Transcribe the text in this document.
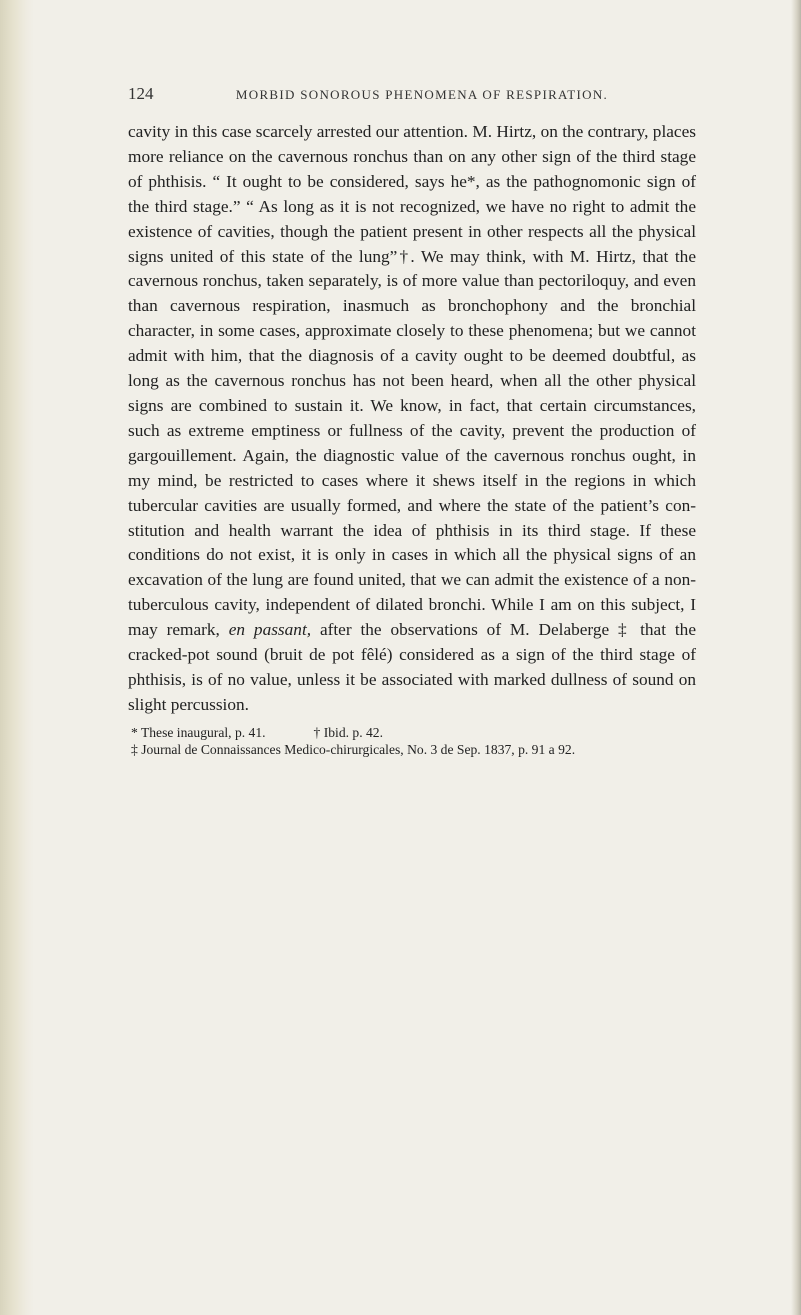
124	MORBID SONOROUS PHENOMENA OF RESPIRATION.

cavity in this case scarcely arrested our attention. M. Hirtz, on the contrary, places more reliance on the cavernous ronchus than on any other sign of the third stage of phthisis. “ It ought to be considered, says he*, as the pathognomonic sign of the third stage.” “ As long as it is not recognized, we have no right to admit the existence of cavities, though the patient present in other respects all the physical signs united of this state of the lung”†. We may think, with M. Hirtz, that the cavernous ronchus, taken separately, is of more value than pectoriloquy, and even than cavernous respiration, inasmuch as bronchophony and the bronchial character, in some cases, approximate closely to these phenomena; but we cannot admit with him, that the diagnosis of a cavity ought to be deemed doubtful, as long as the cavernous ronchus has not been heard, when all the other physical signs are combined to sustain it. We know, in fact, that certain circumstances, such as extreme emptiness or fullness of the cavity, prevent the production of gargouillement. Again, the diagnostic value of the cavernous ronchus ought, in my mind, be restricted to cases where it shews itself in the regions in which tubercular cavities are usually formed, and where the state of the patient’s constitution and health warrant the idea of phthisis in its third stage. If these conditions do not exist, it is only in cases in which all the physical signs of an excavation of the lung are found united, that we can admit the existence of a non-tuberculous cavity, independent of dilated bronchi. While I am on this subject, I may remark, en passant, after the observations of M. Delaberge ‡ that the cracked-pot sound (bruit de pot fêlé) considered as a sign of the third stage of phthisis, is of no value, unless it be associated with marked dullness of sound on slight percussion.

* These inaugural, p. 41.	† Ibid. p. 42.

‡ Journal de Connaissances Medico-chirurgicales, No. 3 de Sep. 1837, p. 91 a 92.
